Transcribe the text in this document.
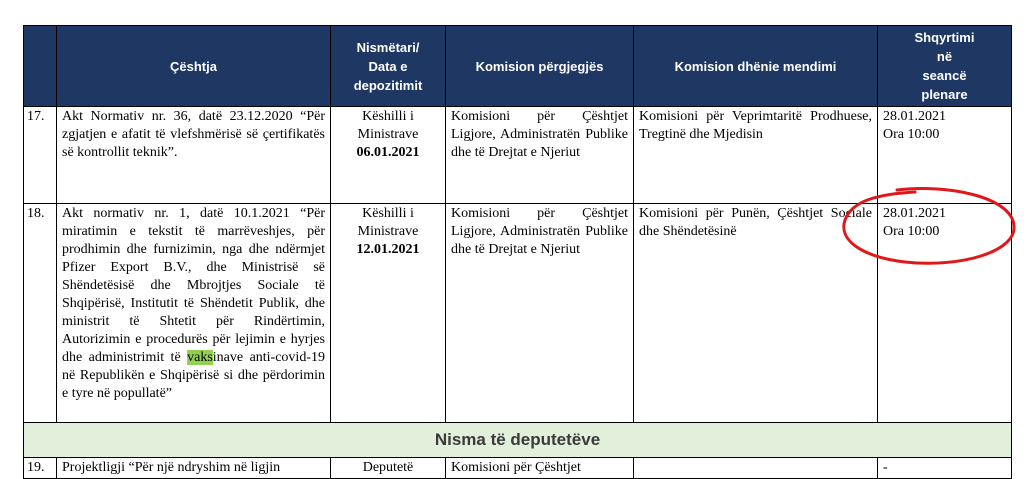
	Çështja	Nismëtari/
Data e
depozitimit	Komision përgjegjës	Komision dhënie mendimi	Shqyrtimi
në
seancë
plenare
17.	Akt Normativ nr. 36, datë 23.12.2020 “Për zgjatjen e afatit të vlefshmërisë së çertifikatës së kontrollit teknik”.	Këshilli i Ministrave
06.01.2021	Komisioni për Çështjet Ligjore, Administratën Publike dhe të Drejtat e Njeriut	Komisioni për Veprimtaritë Prodhuese, Tregtinë dhe Mjedisin	28.01.2021
Ora 10:00
18.	Akt normativ nr. 1, datë 10.1.2021 “Për miratimin e tekstit të marrëveshjes, për prodhimin dhe furnizimin, nga dhe ndërmjet Pfizer Export B.V., dhe Ministrisë së Shëndetësisë dhe Mbrojtjes Sociale të Shqipërisë, Institutit të Shëndetit Publik, dhe ministrit të Shtetit për Rindërtimin, Autorizimin e procedurës për lejimin e hyrjes dhe administrimit të vaksinave anti-covid-19 në Republikën e Shqipërisë si dhe përdorimin e tyre në popullatë”	Këshilli i Ministrave
12.01.2021	Komisioni për Çështjet Ligjore, Administratën Publike dhe të Drejtat e Njeriut	Komisioni për Punën, Çështjet Sociale dhe Shëndetësinë	28.01.2021
Ora 10:00
Nisma të deputetëve					
19.	Projektligji “Për një ndryshim në ligjin	Deputetë	Komisioni për Çështjet		-
